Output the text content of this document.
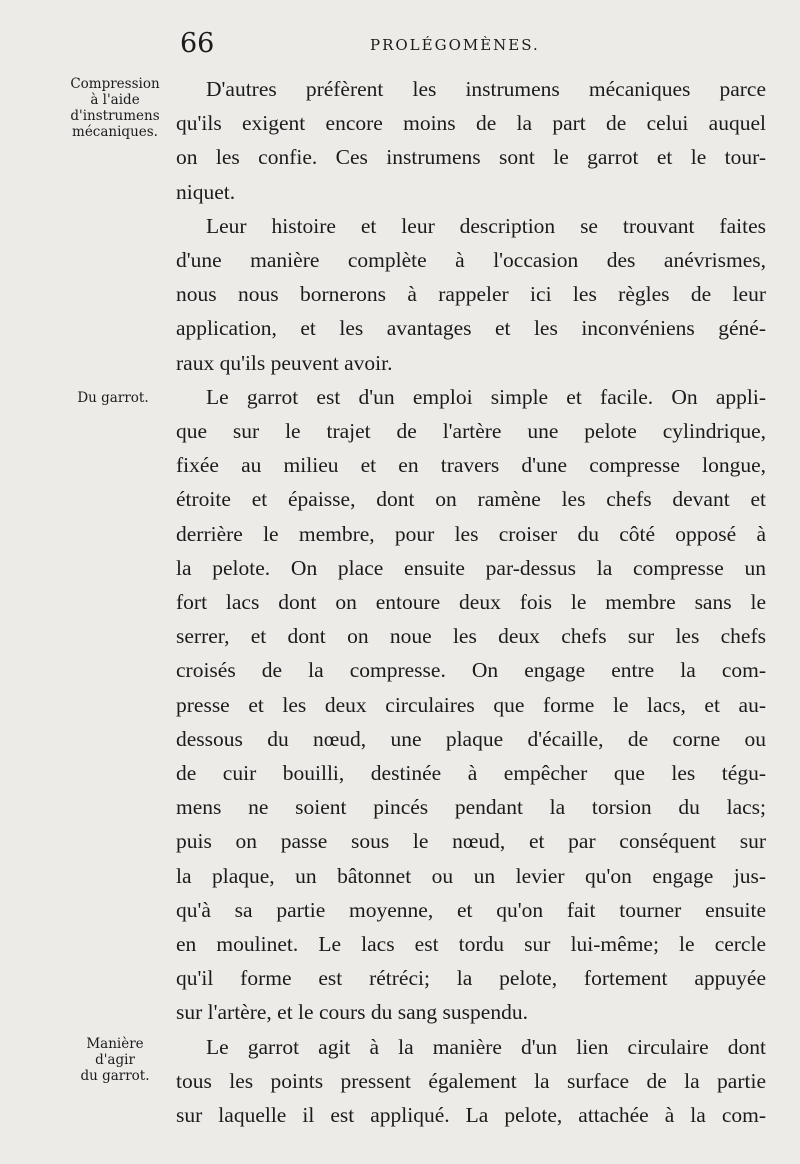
66	PROLÉGOMÈNES.
Compression
à l'aide
d'instrumens
mécaniques.
Du garrot.
Manière
d'agir
du garrot.
D'autres préfèrent les instrumens mécaniques parce
qu'ils exigent encore moins de la part de celui auquel
on les confie. Ces instrumens sont le garrot et le tour-
niquet.
Leur histoire et leur description se trouvant faites
d'une manière complète à l'occasion des anévrismes,
nous nous bornerons à rappeler ici les règles de leur
application, et les avantages et les inconvéniens géné-
raux qu'ils peuvent avoir.
Le garrot est d'un emploi simple et facile. On appli-
que sur le trajet de l'artère une pelote cylindrique,
fixée au milieu et en travers d'une compresse longue,
étroite et épaisse, dont on ramène les chefs devant et
derrière le membre, pour les croiser du côté opposé à
la pelote. On place ensuite par-dessus la compresse un
fort lacs dont on entoure deux fois le membre sans le
serrer, et dont on noue les deux chefs sur les chefs
croisés de la compresse. On engage entre la com-
presse et les deux circulaires que forme le lacs, et au-
dessous du nœud, une plaque d'écaille, de corne ou
de cuir bouilli, destinée à empêcher que les tégu-
mens ne soient pincés pendant la torsion du lacs;
puis on passe sous le nœud, et par conséquent sur
la plaque, un bâtonnet ou un levier qu'on engage jus-
qu'à sa partie moyenne, et qu'on fait tourner ensuite
en moulinet. Le lacs est tordu sur lui-même; le cercle
qu'il forme est rétréci; la pelote, fortement appuyée
sur l'artère, et le cours du sang suspendu.
Le garrot agit à la manière d'un lien circulaire dont
tous les points pressent également la surface de la partie
sur laquelle il est appliqué. La pelote, attachée à la com-
